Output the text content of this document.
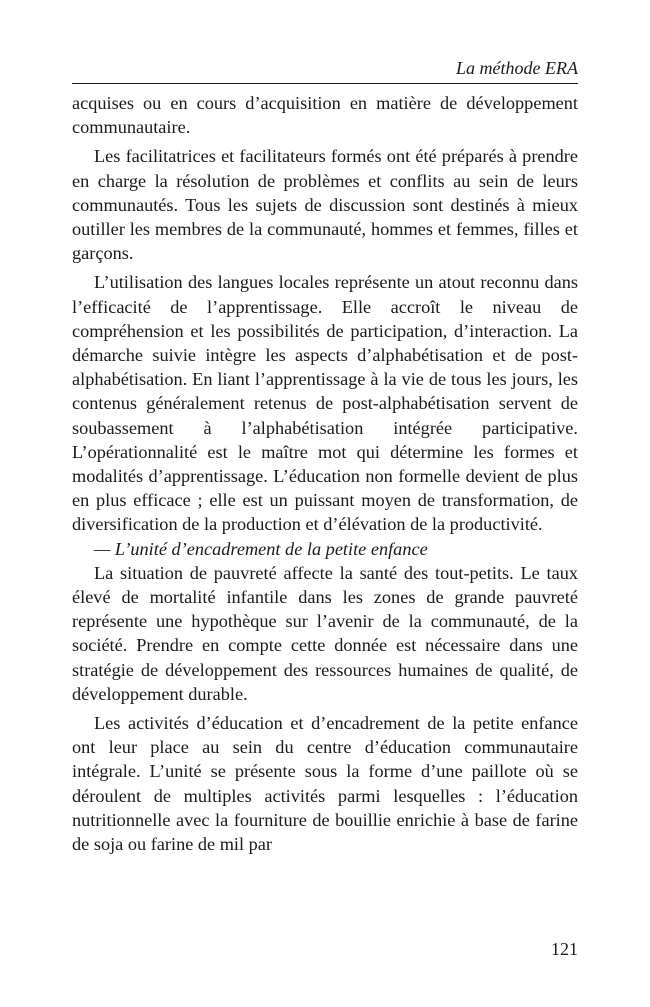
La méthode ERA

acquises ou en cours d’acquisition en matière de développement communautaire.

Les facilitatrices et facilitateurs formés ont été préparés à prendre en charge la résolution de problèmes et conflits au sein de leurs communautés. Tous les sujets de discussion sont destinés à mieux outiller les membres de la communauté, hommes et femmes, filles et garçons.

L’utilisation des langues locales représente un atout reconnu dans l’efficacité de l’apprentissage. Elle accroît le niveau de compréhension et les possibilités de participation, d’interaction. La démarche suivie intègre les aspects d’alphabétisation et de post-alphabétisation. En liant l’apprentissage à la vie de tous les jours, les contenus généralement retenus de post-alphabétisation servent de soubassement à l’alphabétisation intégrée participative. L’opérationnalité est le maître mot qui détermine les formes et modalités d’apprentissage. L’éducation non formelle devient de plus en plus efficace ; elle est un puissant moyen de transformation, de diversification de la production et d’élévation de la productivité.

— L’unité d’encadrement de la petite enfance

La situation de pauvreté affecte la santé des tout-petits. Le taux élevé de mortalité infantile dans les zones de grande pauvreté représente une hypothèque sur l’avenir de la communauté, de la société. Prendre en compte cette donnée est nécessaire dans une stratégie de développement des ressources humaines de qualité, de développement durable.

Les activités d’éducation et d’encadrement de la petite enfance ont leur place au sein du centre d’éducation communautaire intégrale. L’unité se présente sous la forme d’une paillote où se déroulent de multiples activités parmi lesquelles : l’éducation nutritionnelle avec la fourniture de bouillie enrichie à base de farine de soja ou farine de mil par

121
